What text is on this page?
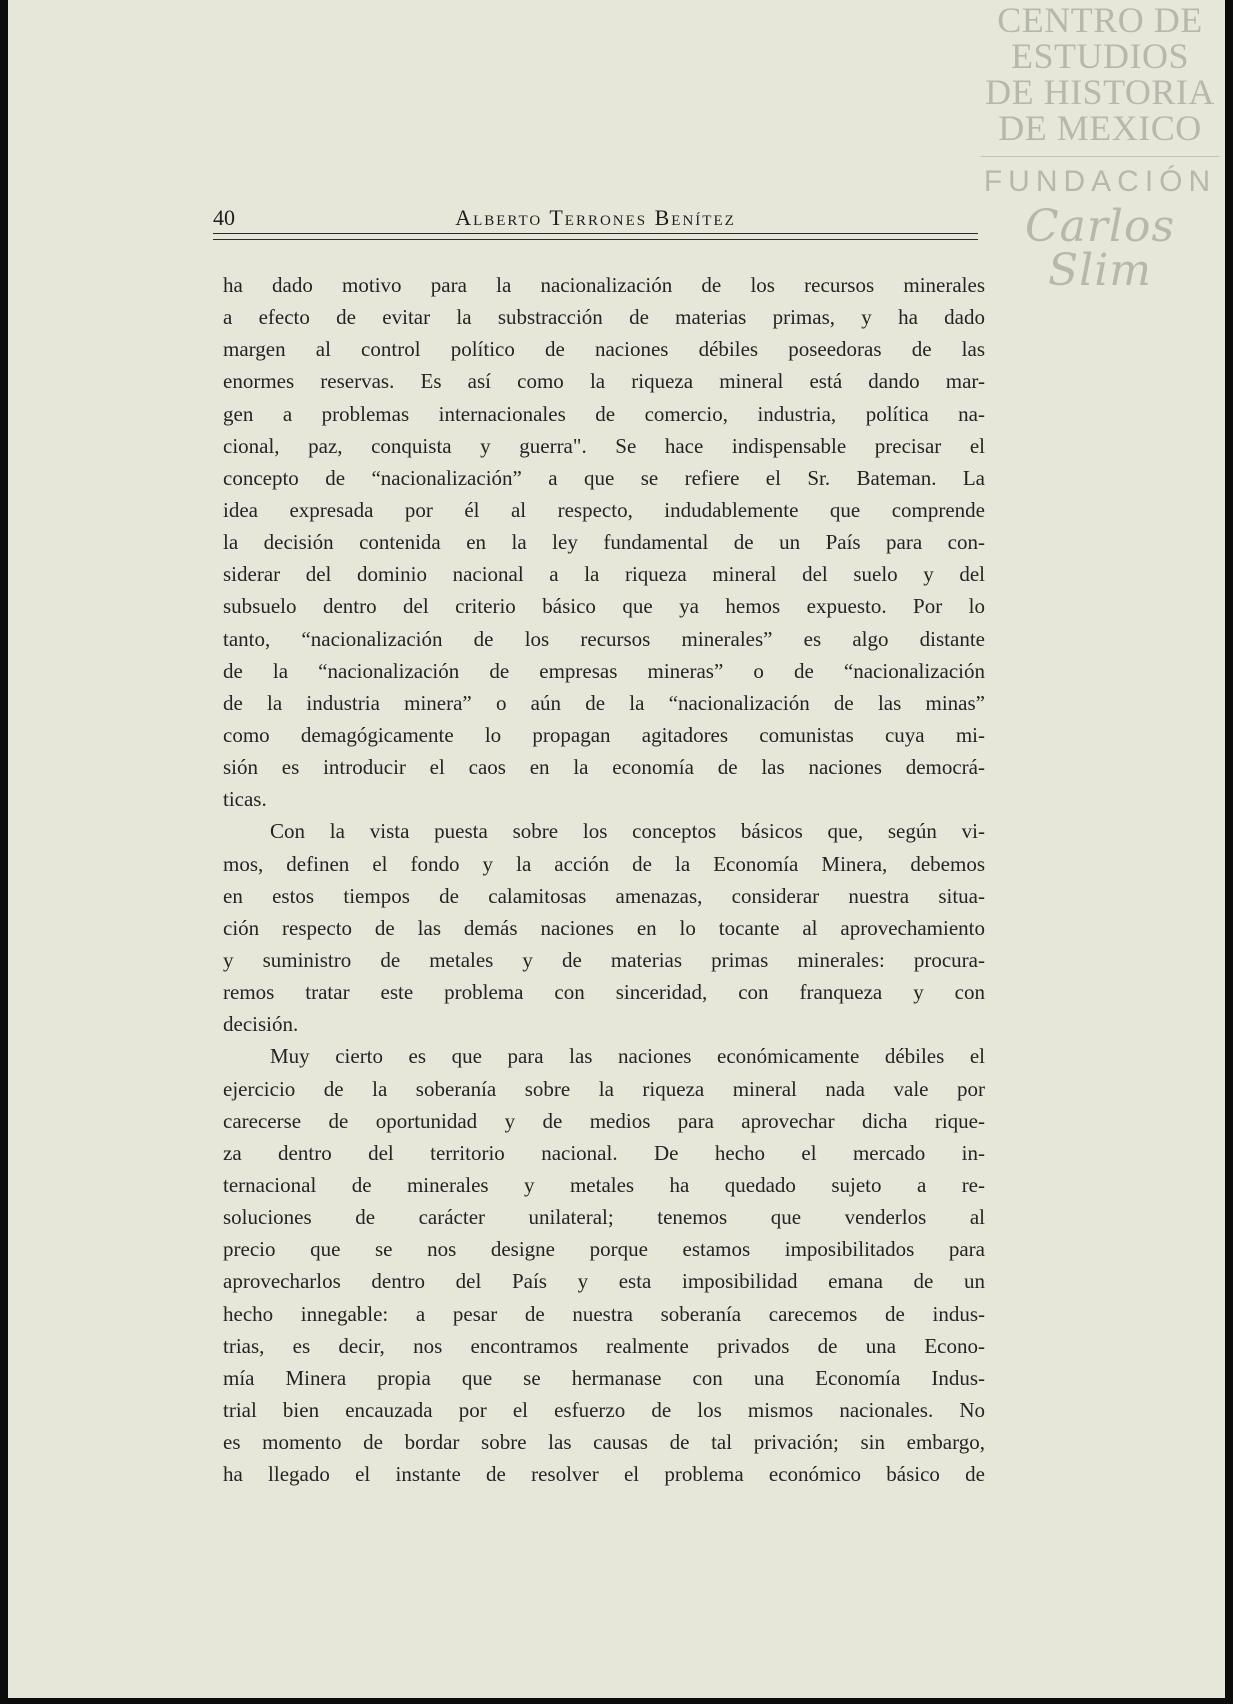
CENTRO DE
ESTUDIOS
DE HISTORIA
DE MEXICO
FUNDACIÓN
Carlos Slim
40	Alberto Terrones Benítez
ha dado motivo para la nacionalización de los recursos minerales
a efecto de evitar la substracción de materias primas, y ha dado
margen al control político de naciones débiles poseedoras de las
enormes reservas. Es así como la riqueza mineral está dando mar-
gen a problemas internacionales de comercio, industria, política na-
cional, paz, conquista y guerra". Se hace indispensable precisar el
concepto de “nacionalización” a que se refiere el Sr. Bateman. La
idea expresada por él al respecto, indudablemente que comprende
la decisión contenida en la ley fundamental de un País para con-
siderar del dominio nacional a la riqueza mineral del suelo y del
subsuelo dentro del criterio básico que ya hemos expuesto. Por lo
tanto, “nacionalización de los recursos minerales” es algo distante
de la “nacionalización de empresas mineras” o de “nacionalización
de la industria minera” o aún de la “nacionalización de las minas”
como demagógicamente lo propagan agitadores comunistas cuya mi-
sión es introducir el caos en la economía de las naciones democrá-
ticas.
Con la vista puesta sobre los conceptos básicos que, según vi-
mos, definen el fondo y la acción de la Economía Minera, debemos
en estos tiempos de calamitosas amenazas, considerar nuestra situa-
ción respecto de las demás naciones en lo tocante al aprovechamiento
y suministro de metales y de materias primas minerales: procura-
remos tratar este problema con sinceridad, con franqueza y con
decisión.
Muy cierto es que para las naciones económicamente débiles el
ejercicio de la soberanía sobre la riqueza mineral nada vale por
carecerse de oportunidad y de medios para aprovechar dicha rique-
za dentro del territorio nacional. De hecho el mercado in-
ternacional de minerales y metales ha quedado sujeto a re-
soluciones de carácter unilateral; tenemos que venderlos al
precio que se nos designe porque estamos imposibilitados para
aprovecharlos dentro del País y esta imposibilidad emana de un
hecho innegable: a pesar de nuestra soberanía carecemos de indus-
trias, es decir, nos encontramos realmente privados de una Econo-
mía Minera propia que se hermanase con una Economía Indus-
trial bien encauzada por el esfuerzo de los mismos nacionales. No
es momento de bordar sobre las causas de tal privación; sin embargo,
ha llegado el instante de resolver el problema económico básico de
